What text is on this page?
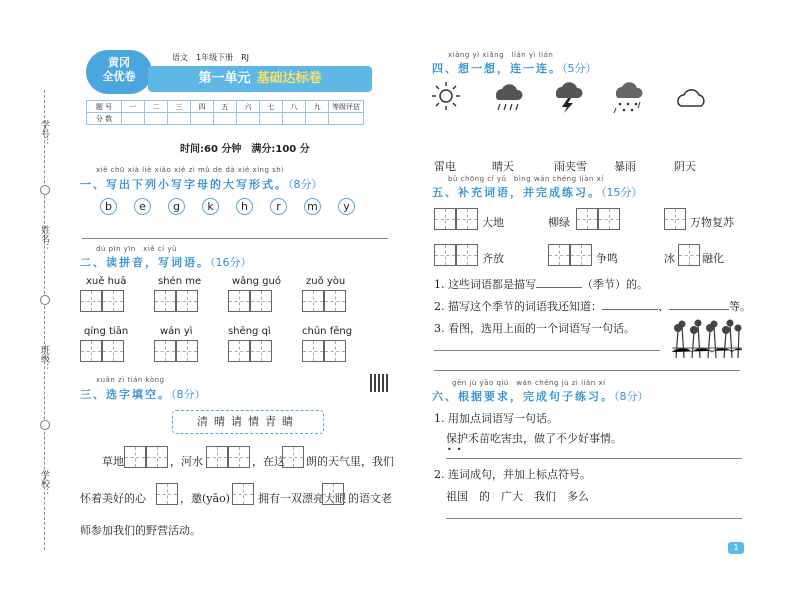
学号：
姓名：
班级：
学校：
黄冈
全优卷
语文　1年级下册　RJ
第一单元 基础达标卷
题 号	一	二	三	四	五	六	七	八	九	等级评估
分 数										
时间:60 分钟　满分:100 分
xiě chū xià liè xiǎo xiě zì mǔ de dà xiě xíng shì
一、写出下列小写字母的大写形式。（8分）
b	e	g	k	h	r	m	y
dú pīn yīn　xiě cí yǔ
二、读拼音，写词语。（16分）
xuě huā	shén me	wǎng guó	zuǒ yòu
qíng tiān	wán yì	shēng qì	chūn fēng
xuǎn zì tián kòng
三、选字填空。（8分）
清晴请情青睛
草地	，河水	，在这 朗的天气里，我们
怀着美好的心	，邀(yāo)	拥有一双漂亮大眼 的语文老
师参加我们的野营活动。
xiǎng yì xiǎng　lián yì lián
四、想一想，连一连。（5分）
雷电	晴天	雨夹雪 暴雨	阴天
bǔ chōng cí yǔ　bìng wán chéng liàn xí
五、补充词语，并完成练习。（15分）
大地	柳绿	万物复苏
齐放	争鸣	冰 融化
1. 这些词语都是描写	（季节）的。
2. 描写这个季节的词语我还知道：	、	等。
3. 看图，选用上面的一个词语写一句话。
gēn jù yāo qiú　wán chéng jù zi liàn xí
六、根据要求，完成句子练习。（8分）
1. 用加点词语写一句话。
保护禾苗吃害虫，做了不少好事情。
•  •
2. 连词成句，并加上标点符号。
祖国　的　广大　我们　多么
1
